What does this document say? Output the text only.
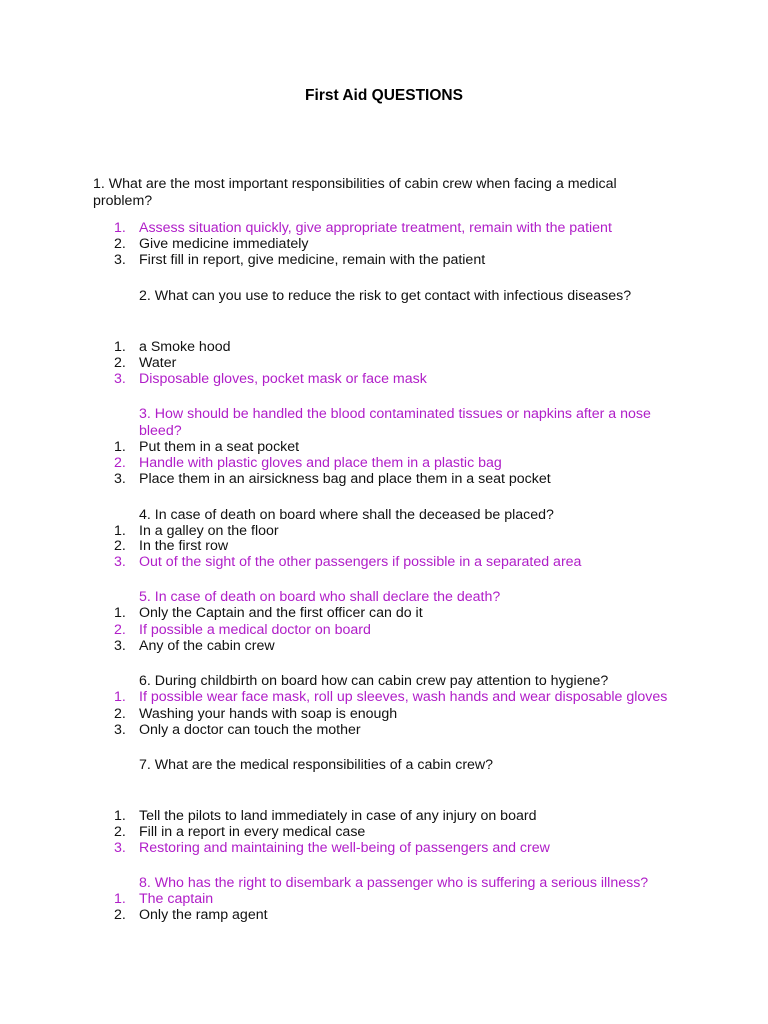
First Aid QUESTIONS
1. What are the most important responsibilities of cabin crew when facing a medical problem?
1. Assess situation quickly, give appropriate treatment, remain with the patient
2. Give medicine immediately
3. First fill in report, give medicine, remain with the patient
2. What can you use to reduce the risk to get contact with infectious diseases?
1. a Smoke hood
2. Water
3. Disposable gloves, pocket mask or face mask
3. How should be handled the blood contaminated tissues or napkins after a nose bleed?
1. Put them in a seat pocket
2. Handle with plastic gloves and place them in a plastic bag
3. Place them in an airsickness bag and place them in a seat pocket
4. In case of death on board where shall the deceased be placed?
1. In a galley on the floor
2. In the first row
3. Out of the sight of the other passengers if possible in a separated area
5. In case of death on board who shall declare the death?
1. Only the Captain and the first officer can do it
2. If possible a medical doctor on board
3. Any of the cabin crew
6. During childbirth on board how can cabin crew pay attention to hygiene?
1. If possible wear face mask, roll up sleeves, wash hands and wear disposable gloves
2. Washing your hands with soap is enough
3. Only a doctor can touch the mother
7. What are the medical responsibilities of a cabin crew?
1. Tell the pilots to land immediately in case of any injury on board
2. Fill in a report in every medical case
3. Restoring and maintaining the well-being of passengers and crew
8. Who has the right to disembark a passenger who is suffering a serious illness?
1. The captain
2. Only the ramp agent
